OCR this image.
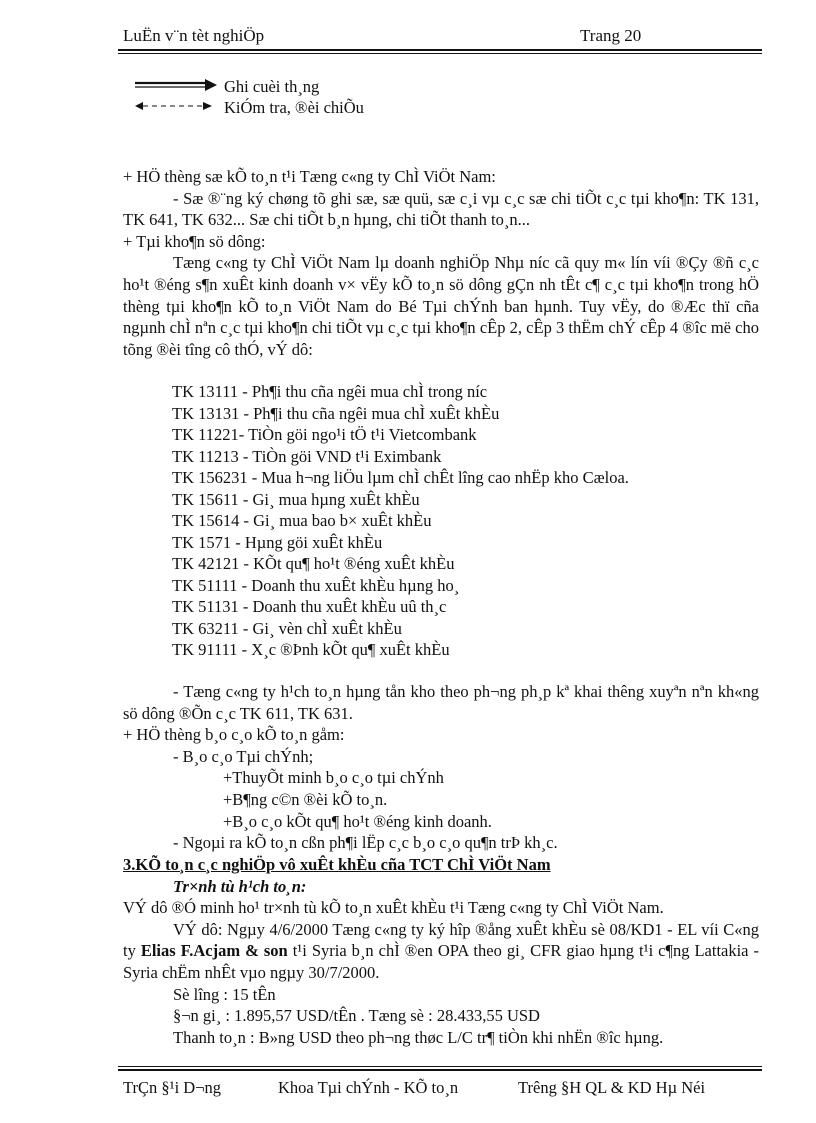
LuËn v¨n tèt nghiÖp	Trang 20
Ghi cuèi th¸ng
KiÓm tra, ®èi chiÕu

+ HÖ thèng sæ kÕ to¸n t¹i Tæng c«ng ty ChÌ ViÖt Nam:

- Sæ ®¨ng ký chøng tõ ghi sæ, sæ quü, sæ c¸i vµ c¸c sæ chi tiÕt c¸c tµi kho¶n: TK 131, TK 641, TK 632... Sæ chi tiÕt b¸n hµng, chi tiÕt thanh to¸n...

+ Tµi kho¶n sö dông:

Tæng c«ng ty ChÌ ViÖt Nam lµ doanh nghiÖp Nhµ níc cã quy m« lín víi ®Çy ®ñ c¸c ho¹t ®éng s¶n xuÊt kinh doanh v× vËy kÕ to¸n sö dông gÇn nh tÊt c¶ c¸c tµi kho¶n trong hÖ thèng tµi kho¶n kÕ to¸n ViÖt Nam do Bé Tµi chÝnh ban hµnh. Tuy vËy, do ®Æc thï cña ngµnh chÌ nªn c¸c tµi kho¶n chi tiÕt vµ c¸c tµi kho¶n cÊp 2, cÊp 3 thËm chÝ cÊp 4 ®îc më cho tõng ®èi tîng cô thÓ, vÝ dô:

TK 13111 - Ph¶i thu cña ngêi mua chÌ trong níc
TK 13131 - Ph¶i thu cña ngêi mua chÌ xuÊt khÈu
TK 11221- TiÒn göi ngo¹i tÖ t¹i Vietcombank
TK 11213 - TiÒn göi VND t¹i Eximbank
TK 156231 - Mua h¬ng liÖu lµm chÌ chÊt lîng cao nhËp kho Cæloa.
TK 15611 - Gi¸ mua hµng xuÊt khÈu
TK 15614 - Gi¸ mua bao b× xuÊt khÈu
TK 1571 - Hµng göi xuÊt khÈu
TK 42121 - KÕt qu¶ ho¹t ®éng xuÊt khÈu
TK 51111 - Doanh thu xuÊt khÈu hµng ho¸
TK 51131 - Doanh thu xuÊt khÈu uû th¸c
TK 63211 - Gi¸ vèn chÌ xuÊt khÈu
TK 91111 - X¸c ®Þnh kÕt qu¶ xuÊt khÈu

- Tæng c«ng ty h¹ch to¸n hµng tån kho theo ph¬ng ph¸p kª khai thêng xuyªn nªn kh«ng sö dông ®Õn c¸c TK 611, TK 631.

+ HÖ thèng b¸o c¸o kÕ to¸n gåm:

- B¸o c¸o Tµi chÝnh;

+ThuyÕt minh b¸o c¸o tµi chÝnh

+B¶ng c©n ®èi kÕ to¸n.

+B¸o c¸o kÕt qu¶ ho¹t ®éng kinh doanh.

- Ngoµi ra kÕ to¸n cßn ph¶i lËp c¸c b¸o c¸o qu¶n trÞ kh¸c.

3.KÕ to¸n c¸c nghiÖp vô xuÊt khÈu cña TCT ChÌ ViÖt Nam

Tr×nh tù h¹ch to¸n:

VÝ dô ®Ó minh ho¹ tr×nh tù kÕ to¸n xuÊt khÈu t¹i Tæng c«ng ty ChÌ ViÖt Nam.

VÝ dô: Ngµy 4/6/2000 Tæng c«ng ty ký hîp ®ång xuÊt khÈu sè 08/KD1 - EL víi C«ng ty Elias F.Acjam & son t¹i Syria b¸n chÌ ®en OPA theo gi¸ CFR giao hµng t¹i c¶ng Lattakia - Syria chËm nhÊt vµo ngµy 30/7/2000.

Sè lîng : 15 tÊn

§¬n gi¸ : 1.895,57 USD/tÊn . Tæng sè : 28.433,55 USD

Thanh to¸n : B»ng USD theo ph¬ng thøc L/C tr¶ tiÒn khi nhËn ®îc hµng.

TrÇn §¹i D¬ng	Khoa Tµi chÝnh - KÕ to¸n	Trêng §H QL & KD Hµ Néi
